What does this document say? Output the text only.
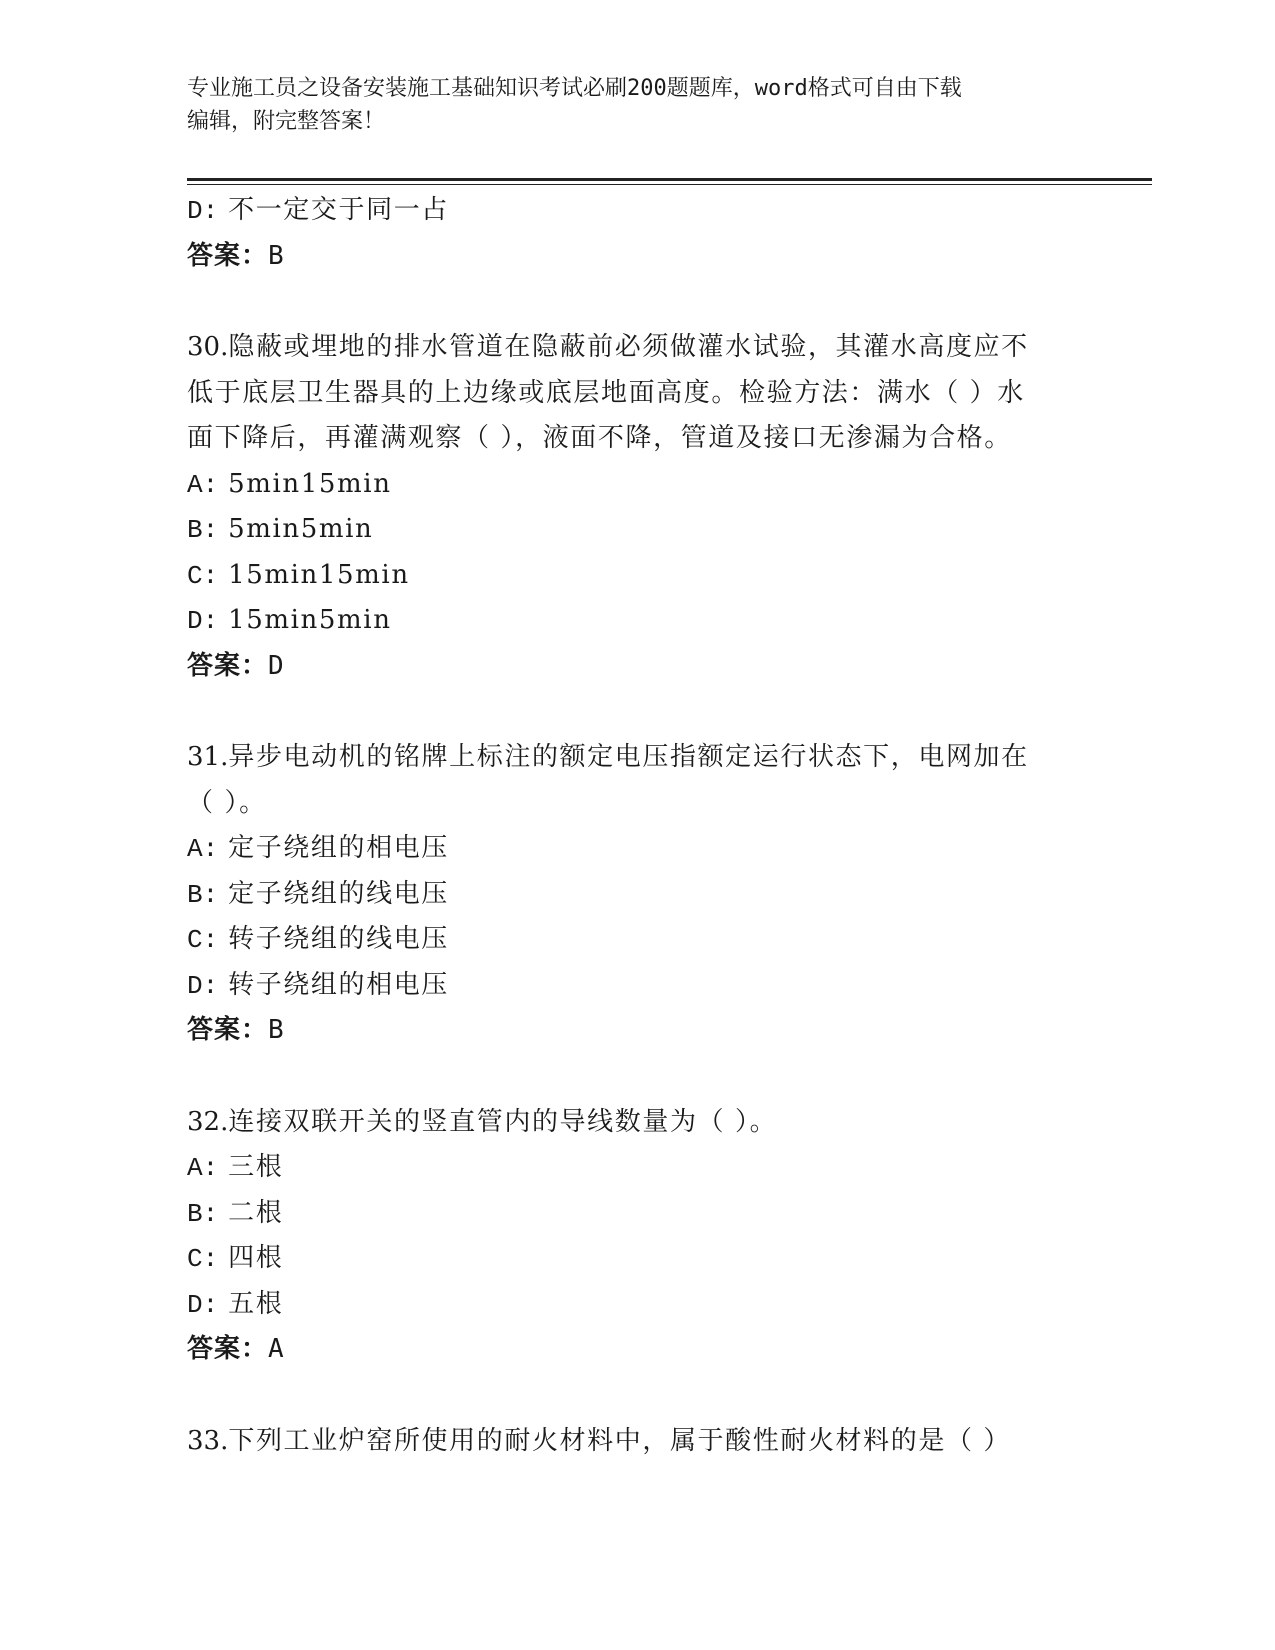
专业施工员之设备安装施工基础知识考试必刷200题题库，word格式可自由下载
编辑，附完整答案！
D: 不一定交于同一占
答案：B
30.隐蔽或埋地的排水管道在隐蔽前必须做灌水试验，其灌水高度应不
低于底层卫生器具的上边缘或底层地面高度。检验方法：满水（ ）水
面下降后，再灌满观察（ ），液面不降，管道及接口无渗漏为合格。
A: 5min15min
B: 5min5min
C: 15min15min
D: 15min5min
答案：D
31.异步电动机的铭牌上标注的额定电压指额定运行状态下，电网加在
（ ）。
A: 定子绕组的相电压
B: 定子绕组的线电压
C: 转子绕组的线电压
D: 转子绕组的相电压
答案：B
32.连接双联开关的竖直管内的导线数量为（ ）。
A: 三根
B: 二根
C: 四根
D: 五根
答案：A
33.下列工业炉窑所使用的耐火材料中，属于酸性耐火材料的是（ ）
